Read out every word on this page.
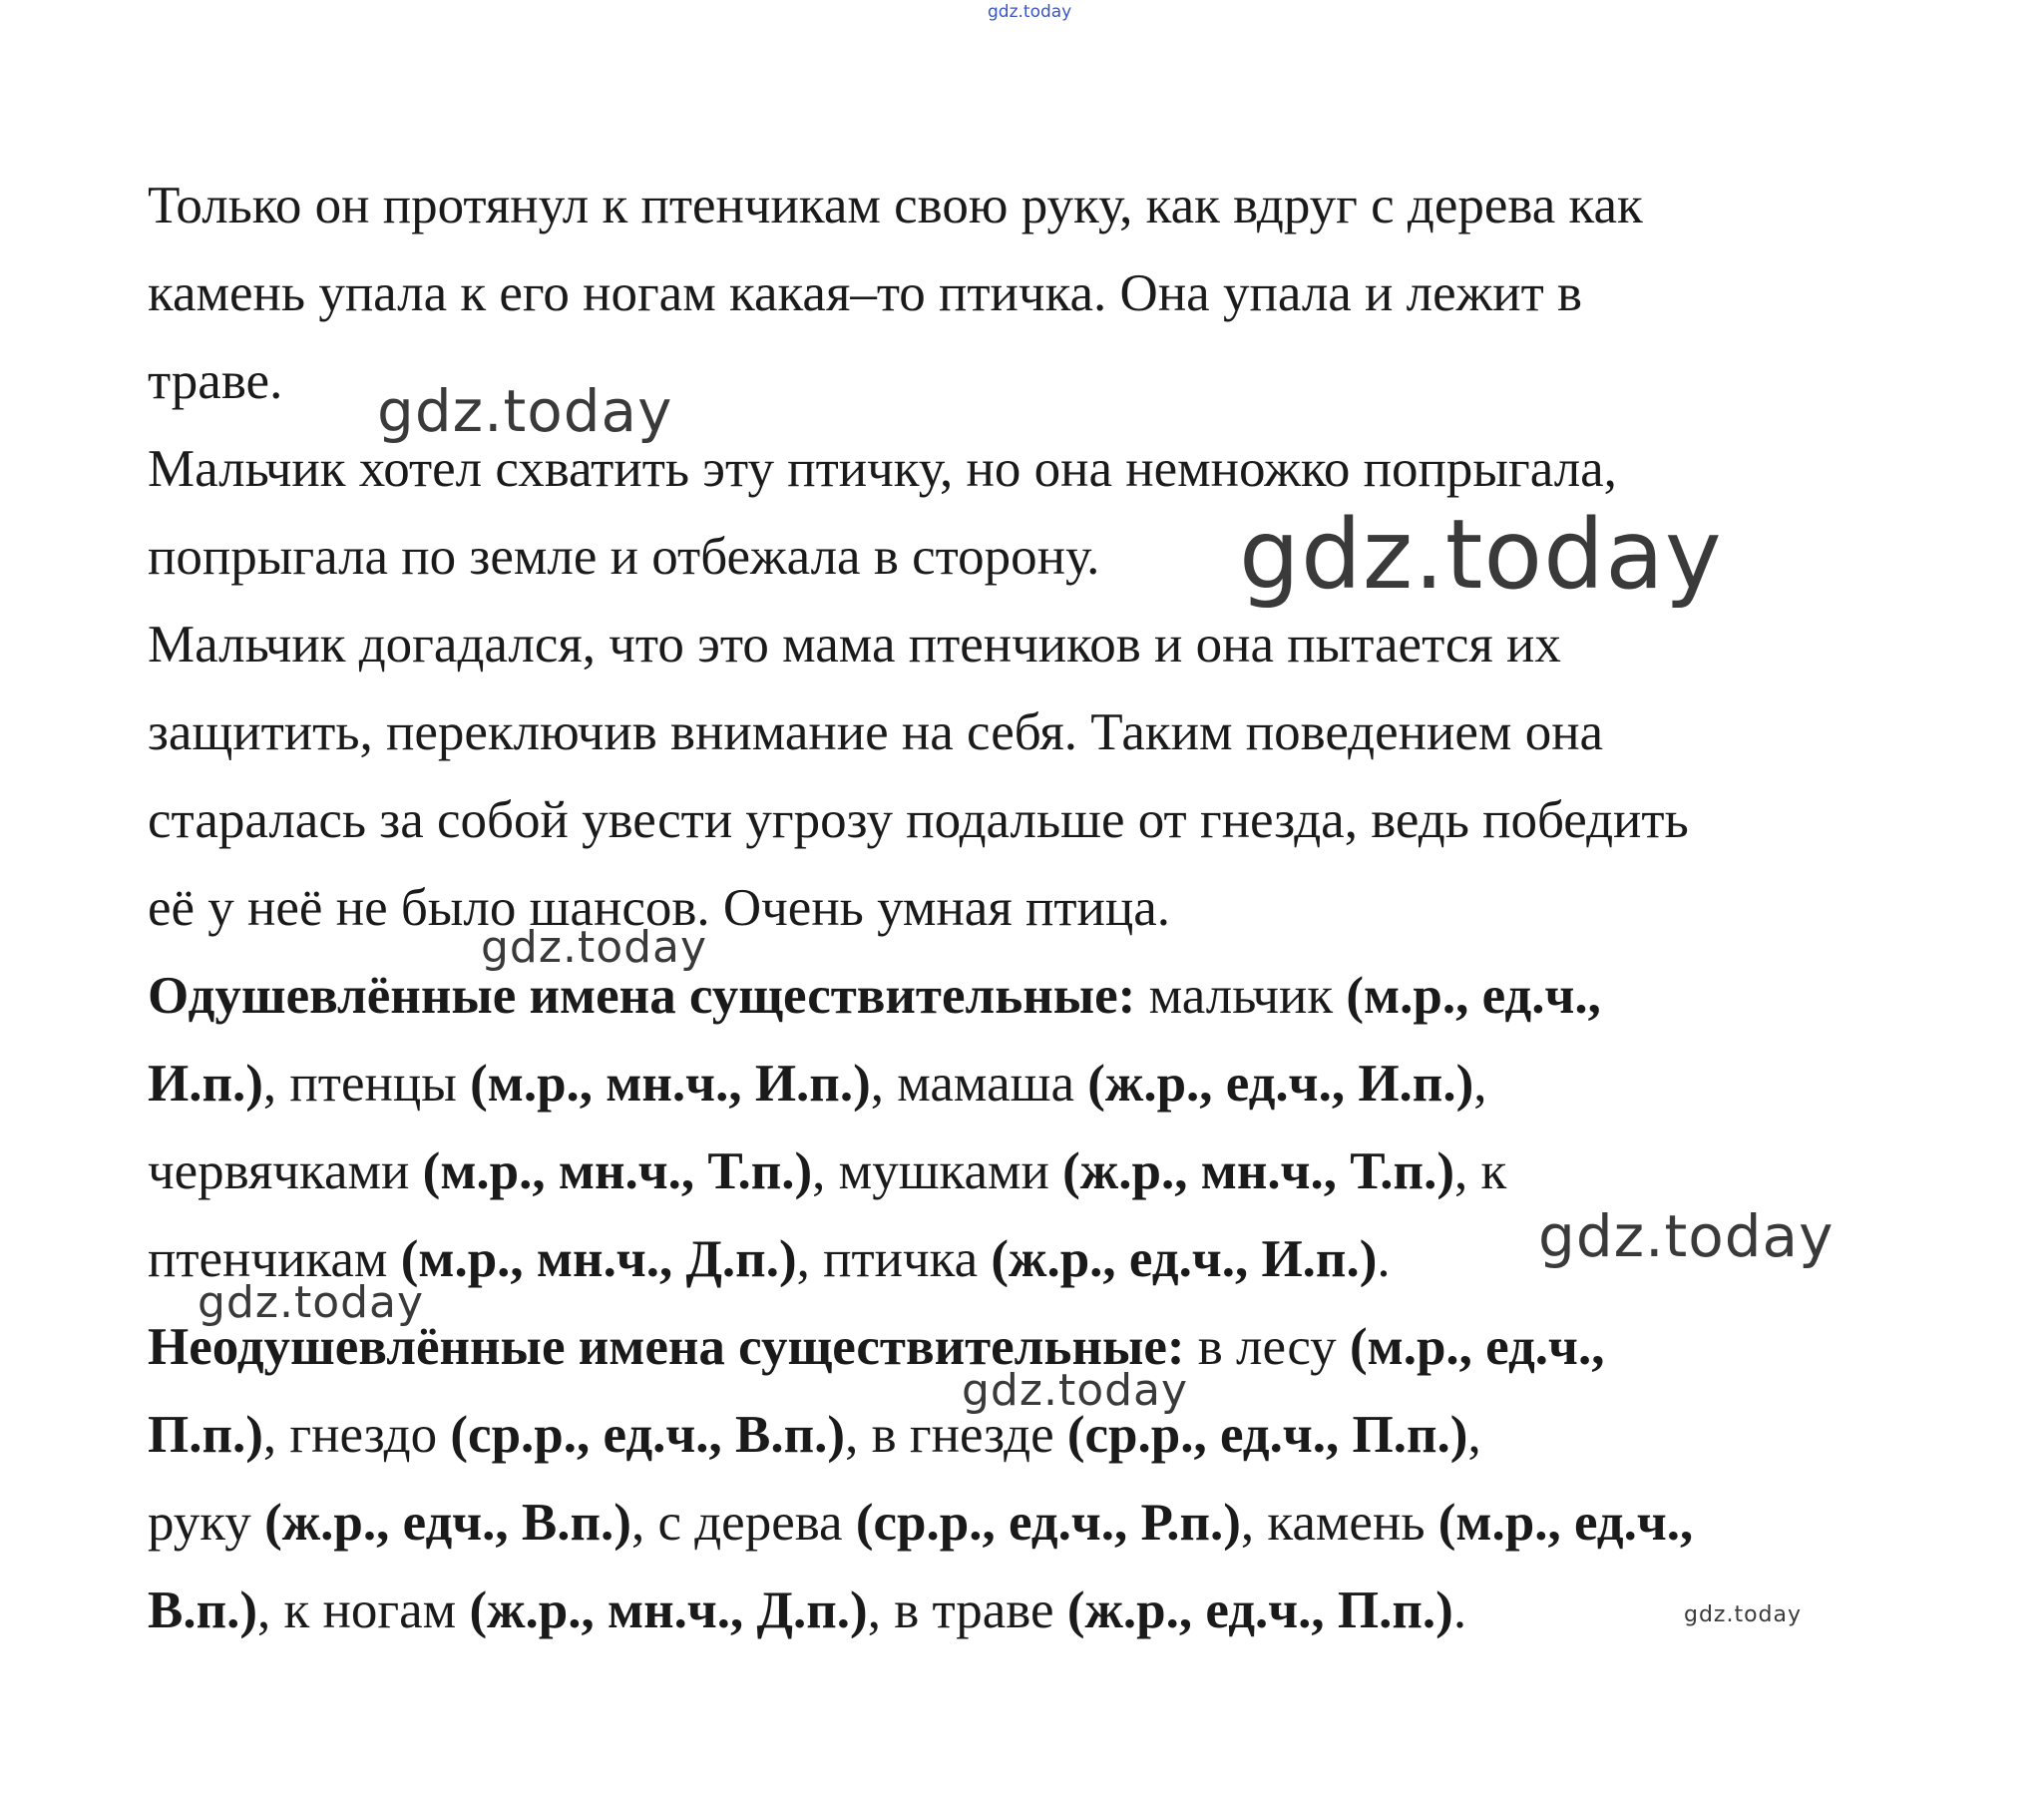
gdz.today
Только он протянул к птенчикам свою руку, как вдруг с дерева как
камень упала к его ногам какая–то птичка. Она упала и лежит в
траве.
Мальчик хотел схватить эту птичку, но она немножко попрыгала,
попрыгала по земле и отбежала в сторону.
Мальчик догадался, что это мама птенчиков и она пытается их
защитить, переключив внимание на себя. Таким поведением она
старалась за собой увести угрозу подальше от гнезда, ведь победить
её у неё не было шансов. Очень умная птица.
Одушевлённые имена существительные: мальчик (м.р., ед.ч.,
И.п.), птенцы (м.р., мн.ч., И.п.), мамаша (ж.р., ед.ч., И.п.),
червячками (м.р., мн.ч., Т.п.), мушками (ж.р., мн.ч., Т.п.), к
птенчикам (м.р., мн.ч., Д.п.), птичка (ж.р., ед.ч., И.п.).
Неодушевлённые имена существительные: в лесу (м.р., ед.ч.,
П.п.), гнездо (ср.р., ед.ч., В.п.), в гнезде (ср.р., ед.ч., П.п.),
руку (ж.р., едч., В.п.), с дерева (ср.р., ед.ч., Р.п.), камень (м.р., ед.ч.,
В.п.), к ногам (ж.р., мн.ч., Д.п.), в траве (ж.р., ед.ч., П.п.).
gdz.today
gdz.today
gdz.today
gdz.today
gdz.today
gdz.today
gdz.today
